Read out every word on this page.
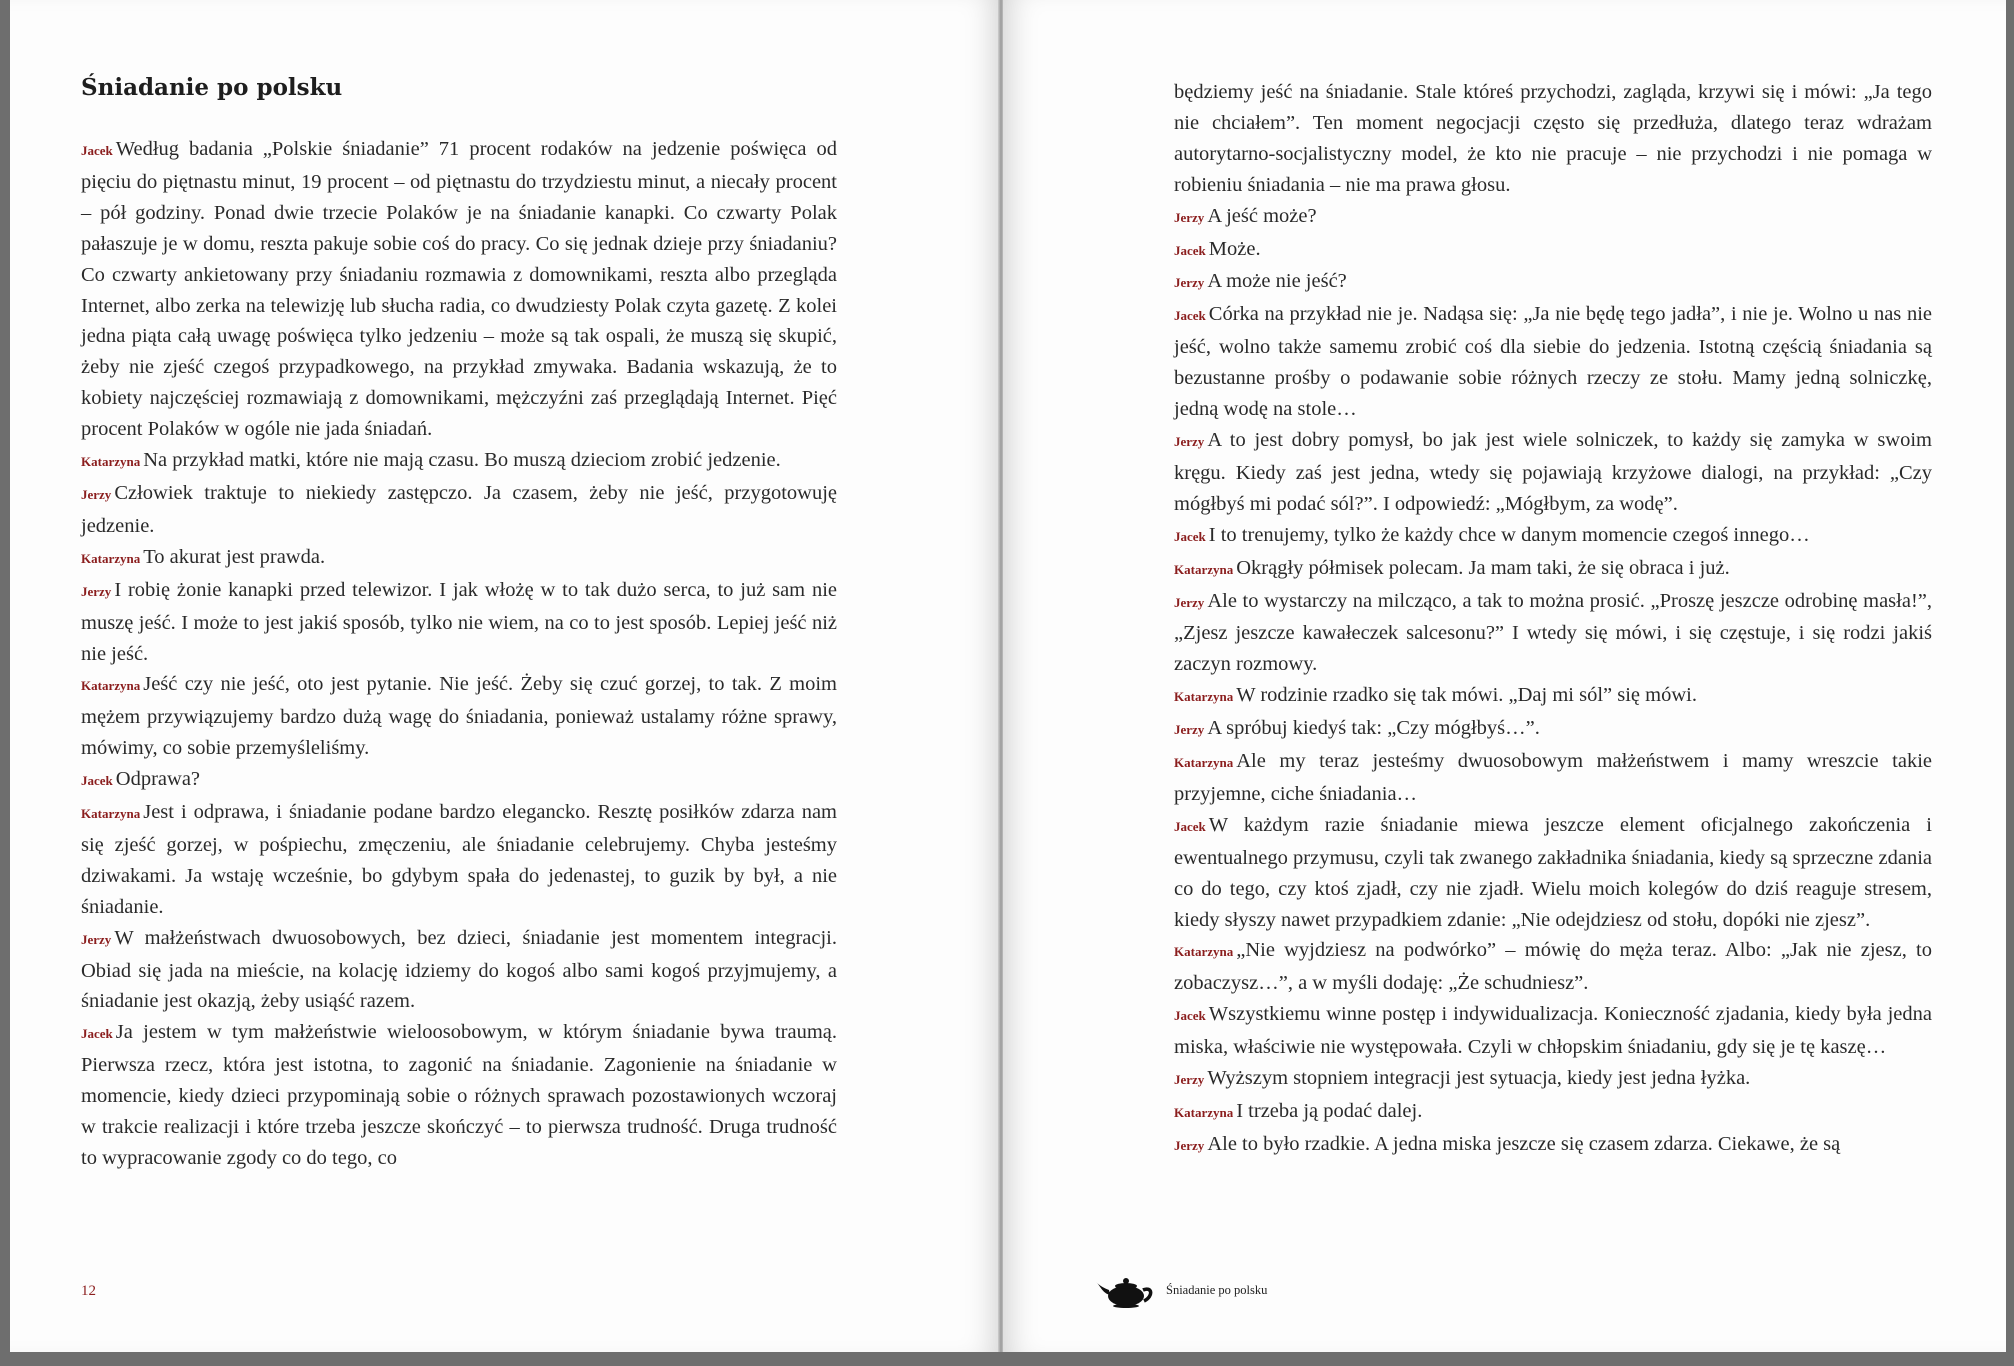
Śniadanie po polsku

Jacek Według badania „Polskie śniadanie” 71 procent rodaków na jedzenie poświęca od pięciu do piętnastu minut, 19 procent – od piętnastu do trzydziestu minut, a niecały procent – pół godziny. Ponad dwie trzecie Polaków je na śniadanie kanapki. Co czwarty Polak pałaszuje je w domu, reszta pakuje sobie coś do pracy. Co się jednak dzieje przy śniadaniu? Co czwarty ankietowany przy śniadaniu rozmawia z domownikami, reszta albo przegląda Internet, albo zerka na telewizję lub słucha radia, co dwudziesty Polak czyta gazetę. Z kolei jedna piąta całą uwagę poświęca tylko jedzeniu – może są tak ospali, że muszą się skupić, żeby nie zjeść czegoś przypadkowego, na przykład zmywaka. Badania wskazują, że to kobiety najczęściej rozmawiają z domownikami, mężczyźni zaś przeglądają Internet. Pięć procent Polaków w ogóle nie jada śniadań.

Katarzyna Na przykład matki, które nie mają czasu. Bo muszą dzieciom zrobić jedzenie.

Jerzy Człowiek traktuje to niekiedy zastępczo. Ja czasem, żeby nie jeść, przygotowuję jedzenie.

Katarzyna To akurat jest prawda.

Jerzy I robię żonie kanapki przed telewizor. I jak włożę w to tak dużo serca, to już sam nie muszę jeść. I może to jest jakiś sposób, tylko nie wiem, na co to jest sposób. Lepiej jeść niż nie jeść.

Katarzyna Jeść czy nie jeść, oto jest pytanie. Nie jeść. Żeby się czuć gorzej, to tak. Z moim mężem przywiązujemy bardzo dużą wagę do śniadania, ponieważ ustalamy różne sprawy, mówimy, co sobie przemyśleliśmy.

Jacek Odprawa?

Katarzyna Jest i odprawa, i śniadanie podane bardzo elegancko. Resztę posiłków zdarza nam się zjeść gorzej, w pośpiechu, zmęczeniu, ale śniadanie celebrujemy. Chyba jesteśmy dziwakami. Ja wstaję wcześnie, bo gdybym spała do jedenastej, to guzik by był, a nie śniadanie.

Jerzy W małżeństwach dwuosobowych, bez dzieci, śniadanie jest momentem integracji. Obiad się jada na mieście, na kolację idziemy do kogoś albo sami kogoś przyjmujemy, a śniadanie jest okazją, żeby usiąść razem.

Jacek Ja jestem w tym małżeństwie wieloosobowym, w którym śniadanie bywa traumą. Pierwsza rzecz, która jest istotna, to zagonić na śniadanie. Zagonienie na śniadanie w momencie, kiedy dzieci przypominają sobie o różnych sprawach pozostawionych wczoraj w trakcie realizacji i które trzeba jeszcze skończyć – to pierwsza trudność. Druga trudność to wypracowanie zgody co do tego, co

12

będziemy jeść na śniadanie. Stale któreś przychodzi, zagląda, krzywi się i mówi: „Ja tego nie chciałem”. Ten moment negocjacji często się przedłuża, dlatego teraz wdrażam autorytarno-socjalistyczny model, że kto nie pracuje – nie przychodzi i nie pomaga w robieniu śniadania – nie ma prawa głosu.

Jerzy A jeść może?

Jacek Może.

Jerzy A może nie jeść?

Jacek Córka na przykład nie je. Nadąsa się: „Ja nie będę tego jadła”, i nie je. Wolno u nas nie jeść, wolno także samemu zrobić coś dla siebie do jedzenia. Istotną częścią śniadania są bezustanne prośby o podawanie sobie różnych rzeczy ze stołu. Mamy jedną solniczkę, jedną wodę na stole…

Jerzy A to jest dobry pomysł, bo jak jest wiele solniczek, to każdy się zamyka w swoim kręgu. Kiedy zaś jest jedna, wtedy się pojawiają krzyżowe dialogi, na przykład: „Czy mógłbyś mi podać sól?”. I odpowiedź: „Mógłbym, za wodę”.

Jacek I to trenujemy, tylko że każdy chce w danym momencie czegoś innego…

Katarzyna Okrągły półmisek polecam. Ja mam taki, że się obraca i już.

Jerzy Ale to wystarczy na milcząco, a tak to można prosić. „Proszę jeszcze odrobinę masła!”, „Zjesz jeszcze kawałeczek salcesonu?” I wtedy się mówi, i się częstuje, i się rodzi jakiś zaczyn rozmowy.

Katarzyna W rodzinie rzadko się tak mówi. „Daj mi sól” się mówi.

Jerzy A spróbuj kiedyś tak: „Czy mógłbyś…”.

Katarzyna Ale my teraz jesteśmy dwuosobowym małżeństwem i mamy wreszcie takie przyjemne, ciche śniadania…

Jacek W każdym razie śniadanie miewa jeszcze element oficjalnego zakończenia i ewentualnego przymusu, czyli tak zwanego zakładnika śniadania, kiedy są sprzeczne zdania co do tego, czy ktoś zjadł, czy nie zjadł. Wielu moich kolegów do dziś reaguje stresem, kiedy słyszy nawet przypadkiem zdanie: „Nie odejdziesz od stołu, dopóki nie zjesz”.

Katarzyna „Nie wyjdziesz na podwórko” – mówię do męża teraz. Albo: „Jak nie zjesz, to zobaczysz…”, a w myśli dodaję: „Że schudniesz”.

Jacek Wszystkiemu winne postęp i indywidualizacja. Konieczność zjadania, kiedy była jedna miska, właściwie nie występowała. Czyli w chłopskim śniadaniu, gdy się je tę kaszę…

Jerzy Wyższym stopniem integracji jest sytuacja, kiedy jest jedna łyżka.

Katarzyna I trzeba ją podać dalej.

Jerzy Ale to było rzadkie. A jedna miska jeszcze się czasem zdarza. Ciekawe, że są

Śniadanie po polsku
